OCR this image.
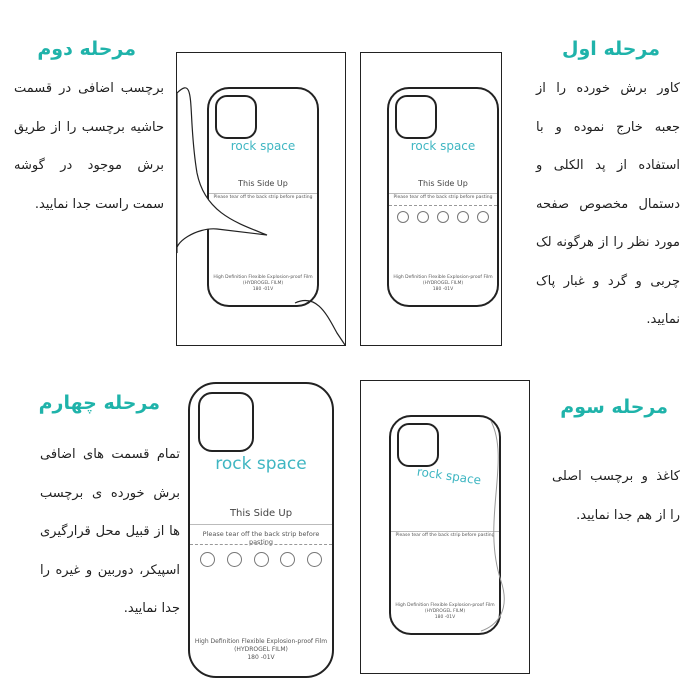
مرحله اول
کاور برش خورده را از جعبه خارج نموده و با استفاده از پد الکلی و دستمال مخصوص صفحه مورد نظر را از هرگونه لک چربی و گرد و غبار پاک نمایید.
rock space
This Side Up
Please tear off the back strip before pasting
High Definition Flexible Explosion-proof Film
(HYDROGEL FILM)
180 -01V
مرحله دوم
برچسب اضافی در قسمت حاشیه برچسب را از طریق برش موجود در گوشه سمت راست جدا نمایید.
rock space
This Side Up
Please tear off the back strip before pasting
High Definition Flexible Explosion-proof Film
(HYDROGEL FILM)
180 -01V
مرحله سوم
کاغذ و برچسب اصلی را از هم جدا نمایید.
rock space
Please tear off the back strip before pasting
High Definition Flexible Explosion-proof Film
(HYDROGEL FILM)
180 -01V
مرحله چهارم
تمام قسمت های اضافی برش خورده ی برچسب ها از قبیل محل قرارگیری اسپیکر، دوربین و غیره را جدا نمایید.
rock space
This Side Up
Please tear off the back strip before pasting
High Definition Flexible Explosion-proof Film
(HYDROGEL FILM)
180 -01V
